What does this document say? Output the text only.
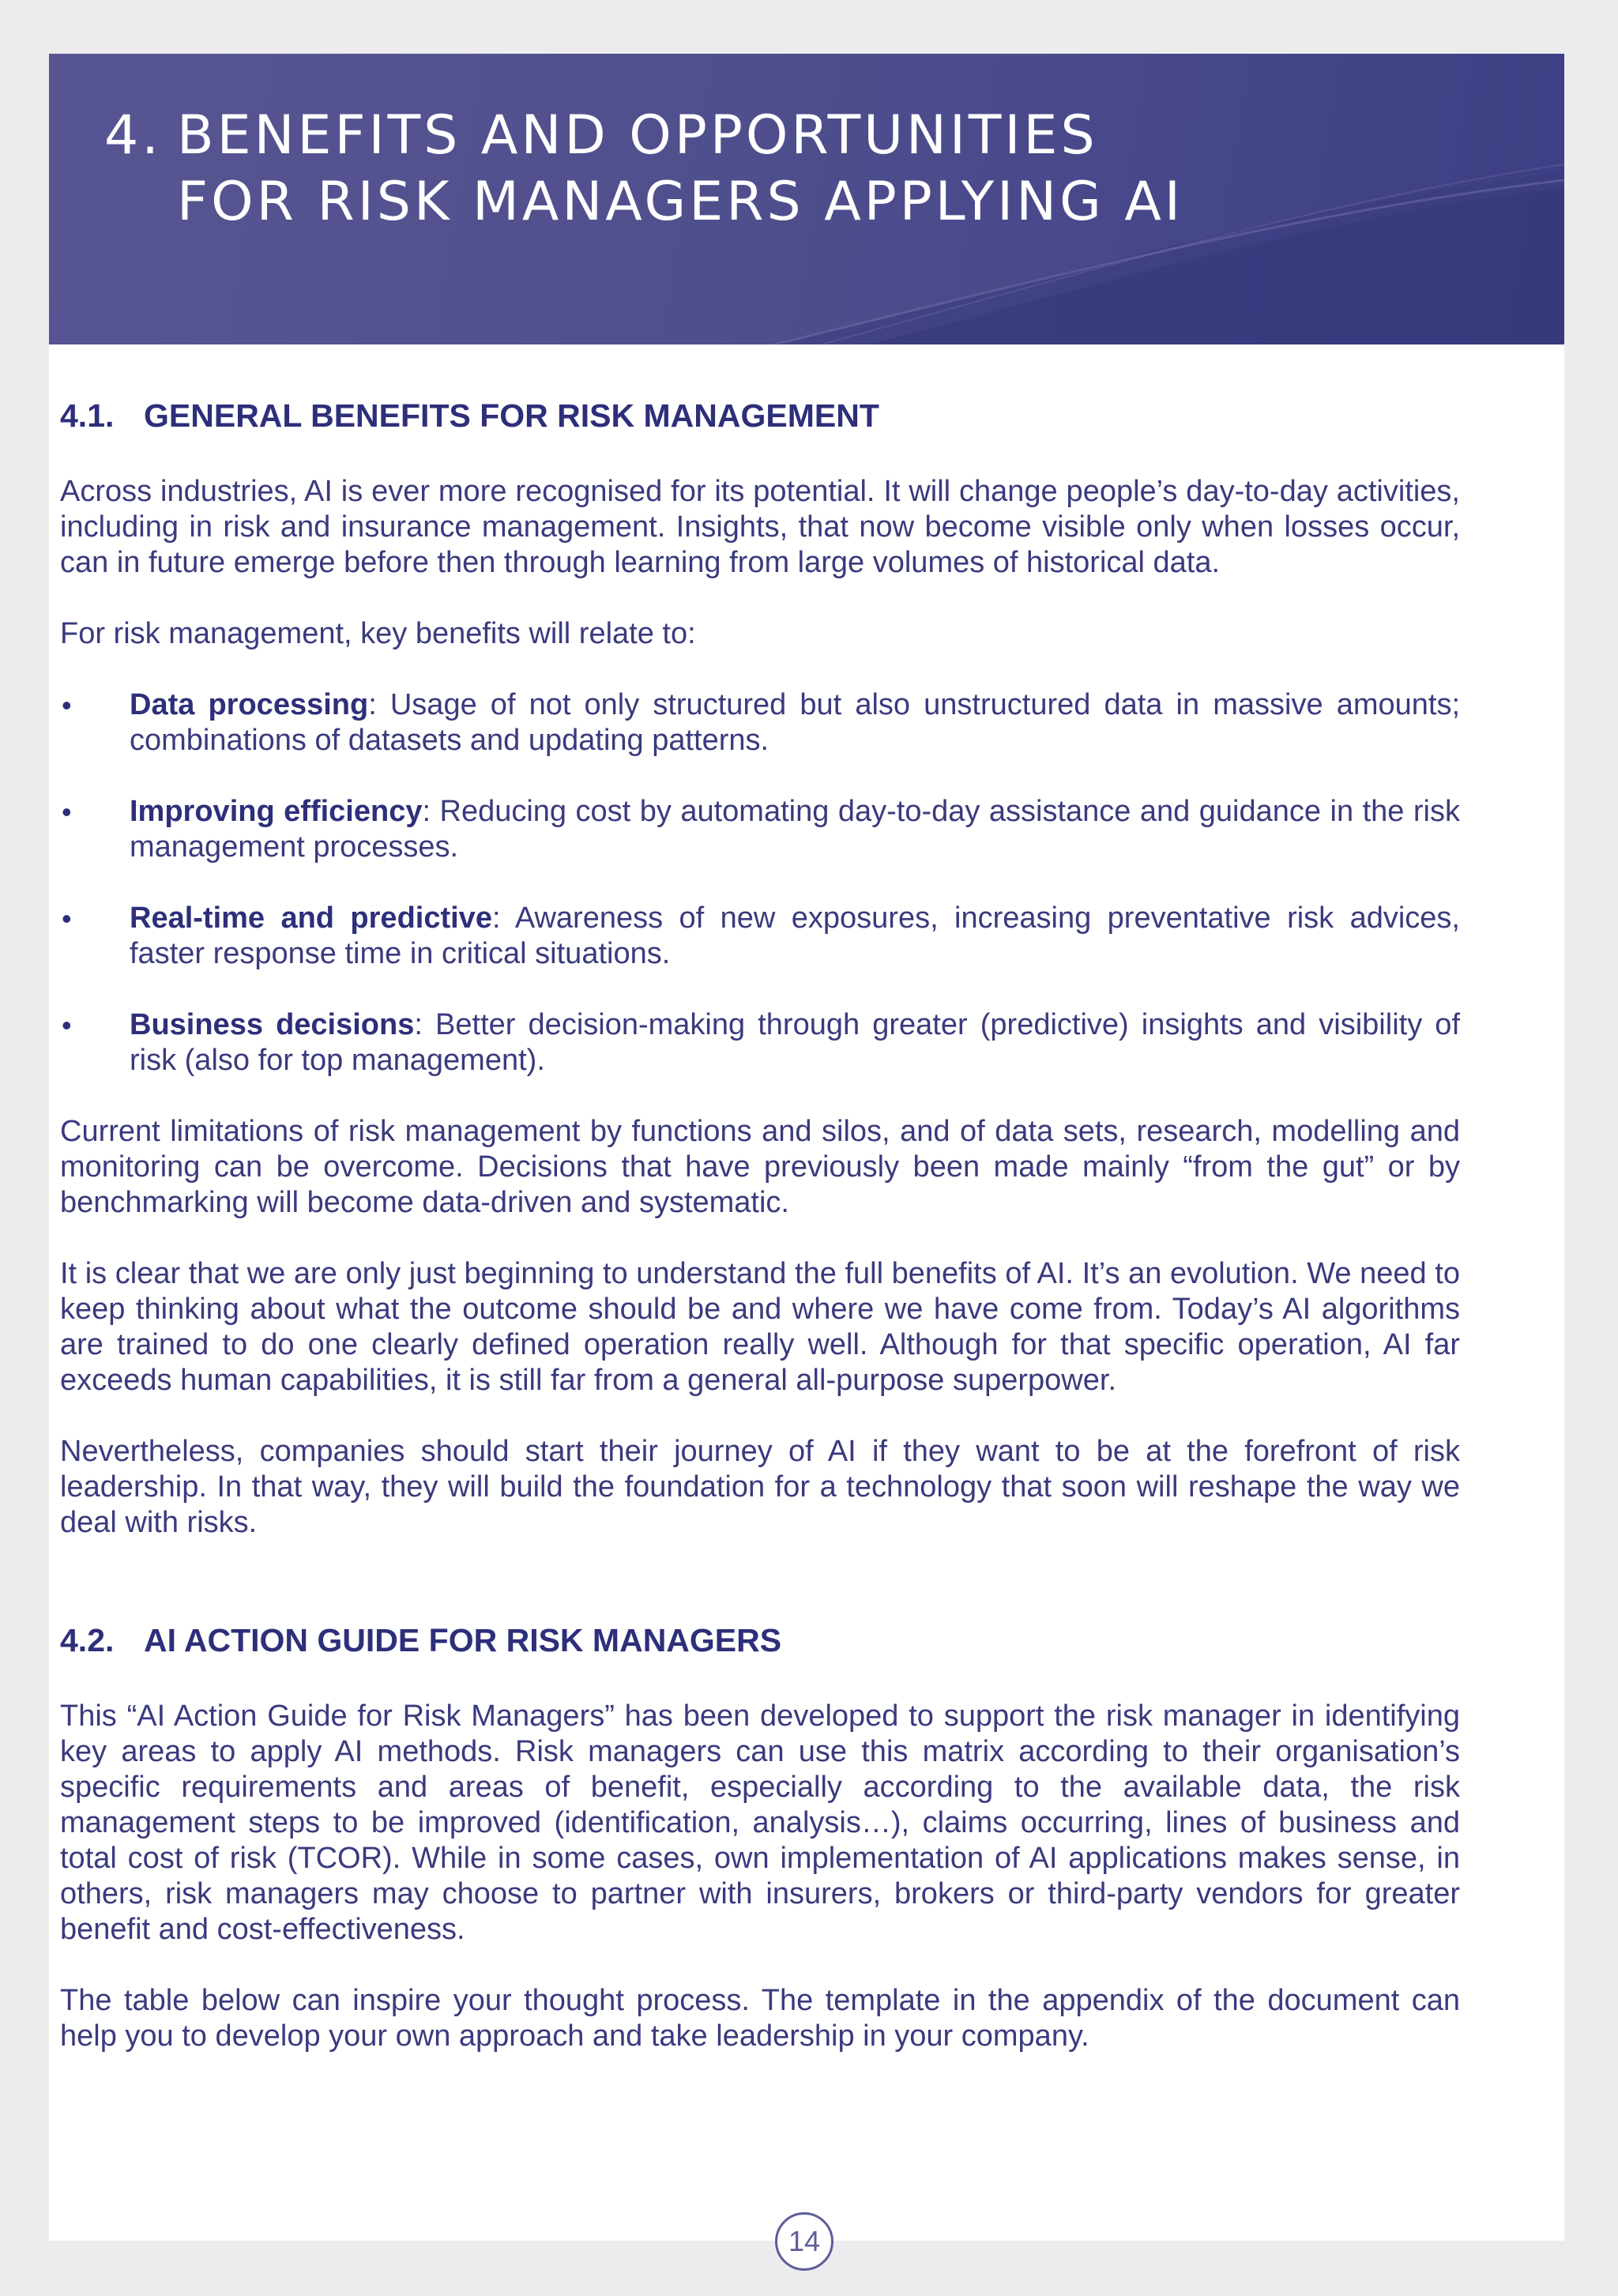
4. BENEFITS AND OPPORTUNITIES
FOR RISK MANAGERS APPLYING AI
4.1. GENERAL BENEFITS FOR RISK MANAGEMENT

Across industries, AI is ever more recognised for its potential. It will change people’s day-to-day activities, including in risk and insurance management. Insights, that now become visible only when losses occur, can in future emerge before then through learning from large volumes of historical data.

For risk management, key benefits will relate to:

• Data processing: Usage of not only structured but also unstructured data in massive amounts; combinations of datasets and updating patterns.
• Improving efficiency: Reducing cost by automating day-to-day assistance and guidance in the risk management processes.
• Real-time and predictive: Awareness of new exposures, increasing preventative risk advices, faster response time in critical situations.
• Business decisions: Better decision-making through greater (predictive) insights and visibility of risk (also for top management).

Current limitations of risk management by functions and silos, and of data sets, research, modelling and monitoring can be overcome. Decisions that have previously been made mainly “from the gut” or by benchmarking will become data-driven and systematic.

It is clear that we are only just beginning to understand the full benefits of AI. It’s an evolution. We need to keep thinking about what the outcome should be and where we have come from. Today’s AI algorithms are trained to do one clearly defined operation really well. Although for that specific operation, AI far exceeds human capabilities, it is still far from a general all-purpose superpower.

Nevertheless, companies should start their journey of AI if they want to be at the forefront of risk leadership. In that way, they will build the foundation for a technology that soon will reshape the way we deal with risks.

4.2. AI ACTION GUIDE FOR RISK MANAGERS

This “AI Action Guide for Risk Managers” has been developed to support the risk manager in identifying key areas to apply AI methods. Risk managers can use this matrix according to their organisation’s specific requirements and areas of benefit, especially according to the available data, the risk management steps to be improved (identification, analysis…), claims occurring, lines of business and total cost of risk (TCOR). While in some cases, own implementation of AI applications makes sense, in others, risk managers may choose to partner with insurers, brokers or third-party vendors for greater benefit and cost-effectiveness.

The table below can inspire your thought process. The template in the appendix of the document can help you to develop your own approach and take leadership in your company.

14
